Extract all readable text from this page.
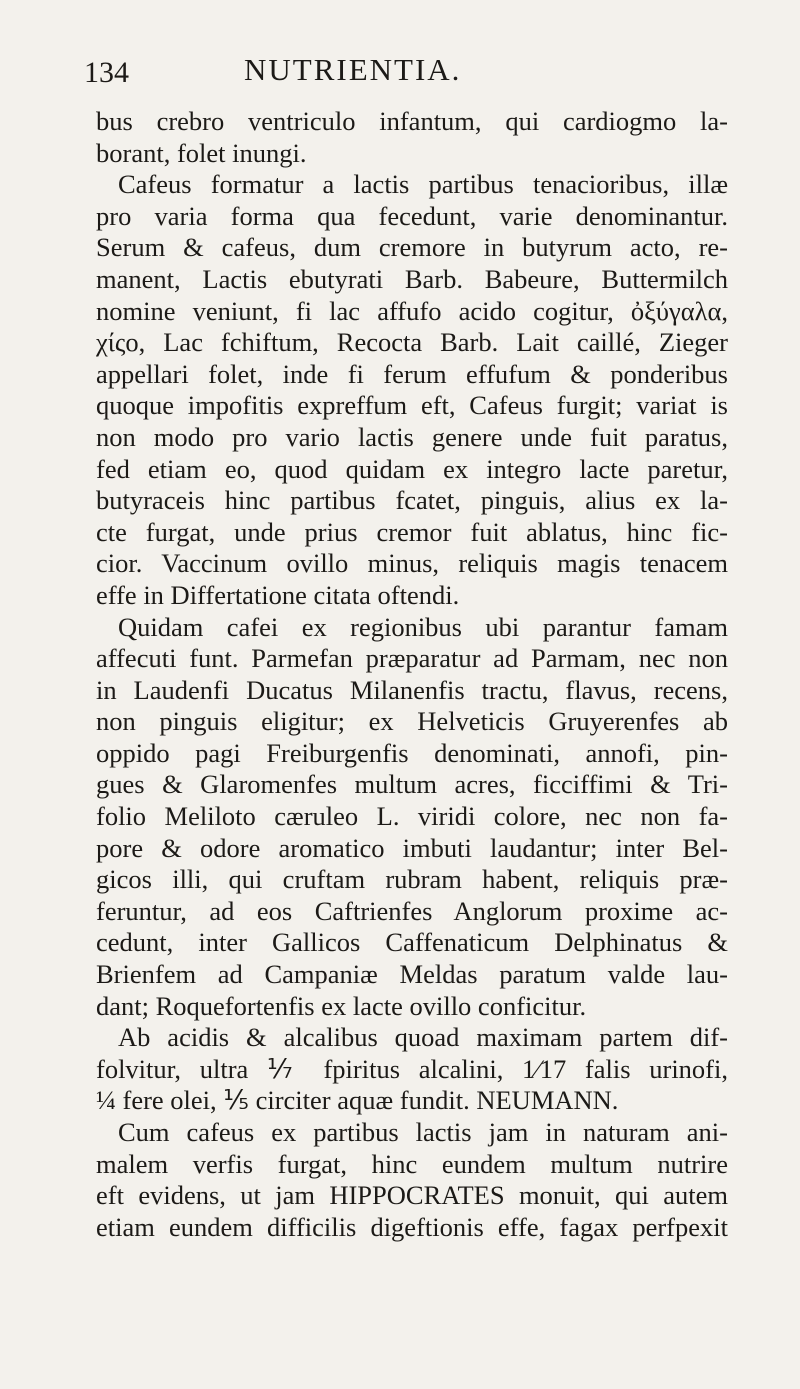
134	NUTRIENTIA.
bus crebro ventriculo infantum, qui cardiogmo la-
borant, folet inungi.
Cafeus formatur a lactis partibus tenacioribus, illæ
pro varia forma qua fecedunt, varie denominantur.
Serum & cafeus, dum cremore in butyrum acto, re-
manent, Lactis ebutyrati Barb. Babeure, Buttermilch
nomine veniunt, fi lac affufo acido cogitur, ὀξύγαλα,
χίςο, Lac fchiftum, Recocta Barb. Lait caillé, Zieger
appellari folet, inde fi ferum effufum & ponderibus
quoque impofitis expreffum eft, Cafeus furgit; variat is
non modo pro vario lactis genere unde fuit paratus,
fed etiam eo, quod quidam ex integro lacte paretur,
butyraceis hinc partibus fcatet, pinguis, alius ex la-
cte furgat, unde prius cremor fuit ablatus, hinc fic-
cior. Vaccinum ovillo minus, reliquis magis tenacem
effe in Differtatione citata oftendi.
Quidam cafei ex regionibus ubi parantur famam
affecuti funt. Parmefan præparatur ad Parmam, nec non
in Laudenfi Ducatus Milanenfis tractu, flavus, recens,
non pinguis eligitur; ex Helveticis Gruyerenfes ab
oppido pagi Freiburgenfis denominati, annofi, pin-
gues & Glaromenfes multum acres, ficciffimi & Tri-
folio Meliloto cæruleo L. viridi colore, nec non fa-
pore & odore aromatico imbuti laudantur; inter Bel-
gicos illi, qui cruftam rubram habent, reliquis præ-
feruntur, ad eos Caftrienfes Anglorum proxime ac-
cedunt, inter Gallicos Caffenaticum Delphinatus &
Brienfem ad Campaniæ Meldas paratum valde lau-
dant; Roquefortenfis ex lacte ovillo conficitur.
Ab acidis & alcalibus quoad maximam partem dif-
folvitur, ultra ⅐ fpiritus alcalini, 1⁄17 falis urinofi,
¼ fere olei, ⅕ circiter aquæ fundit. NEUMANN.
Cum cafeus ex partibus lactis jam in naturam ani-
malem verfis furgat, hinc eundem multum nutrire
eft evidens, ut jam HIPPOCRATES monuit, qui autem
etiam eundem difficilis digeftionis effe, fagax perfpexit
